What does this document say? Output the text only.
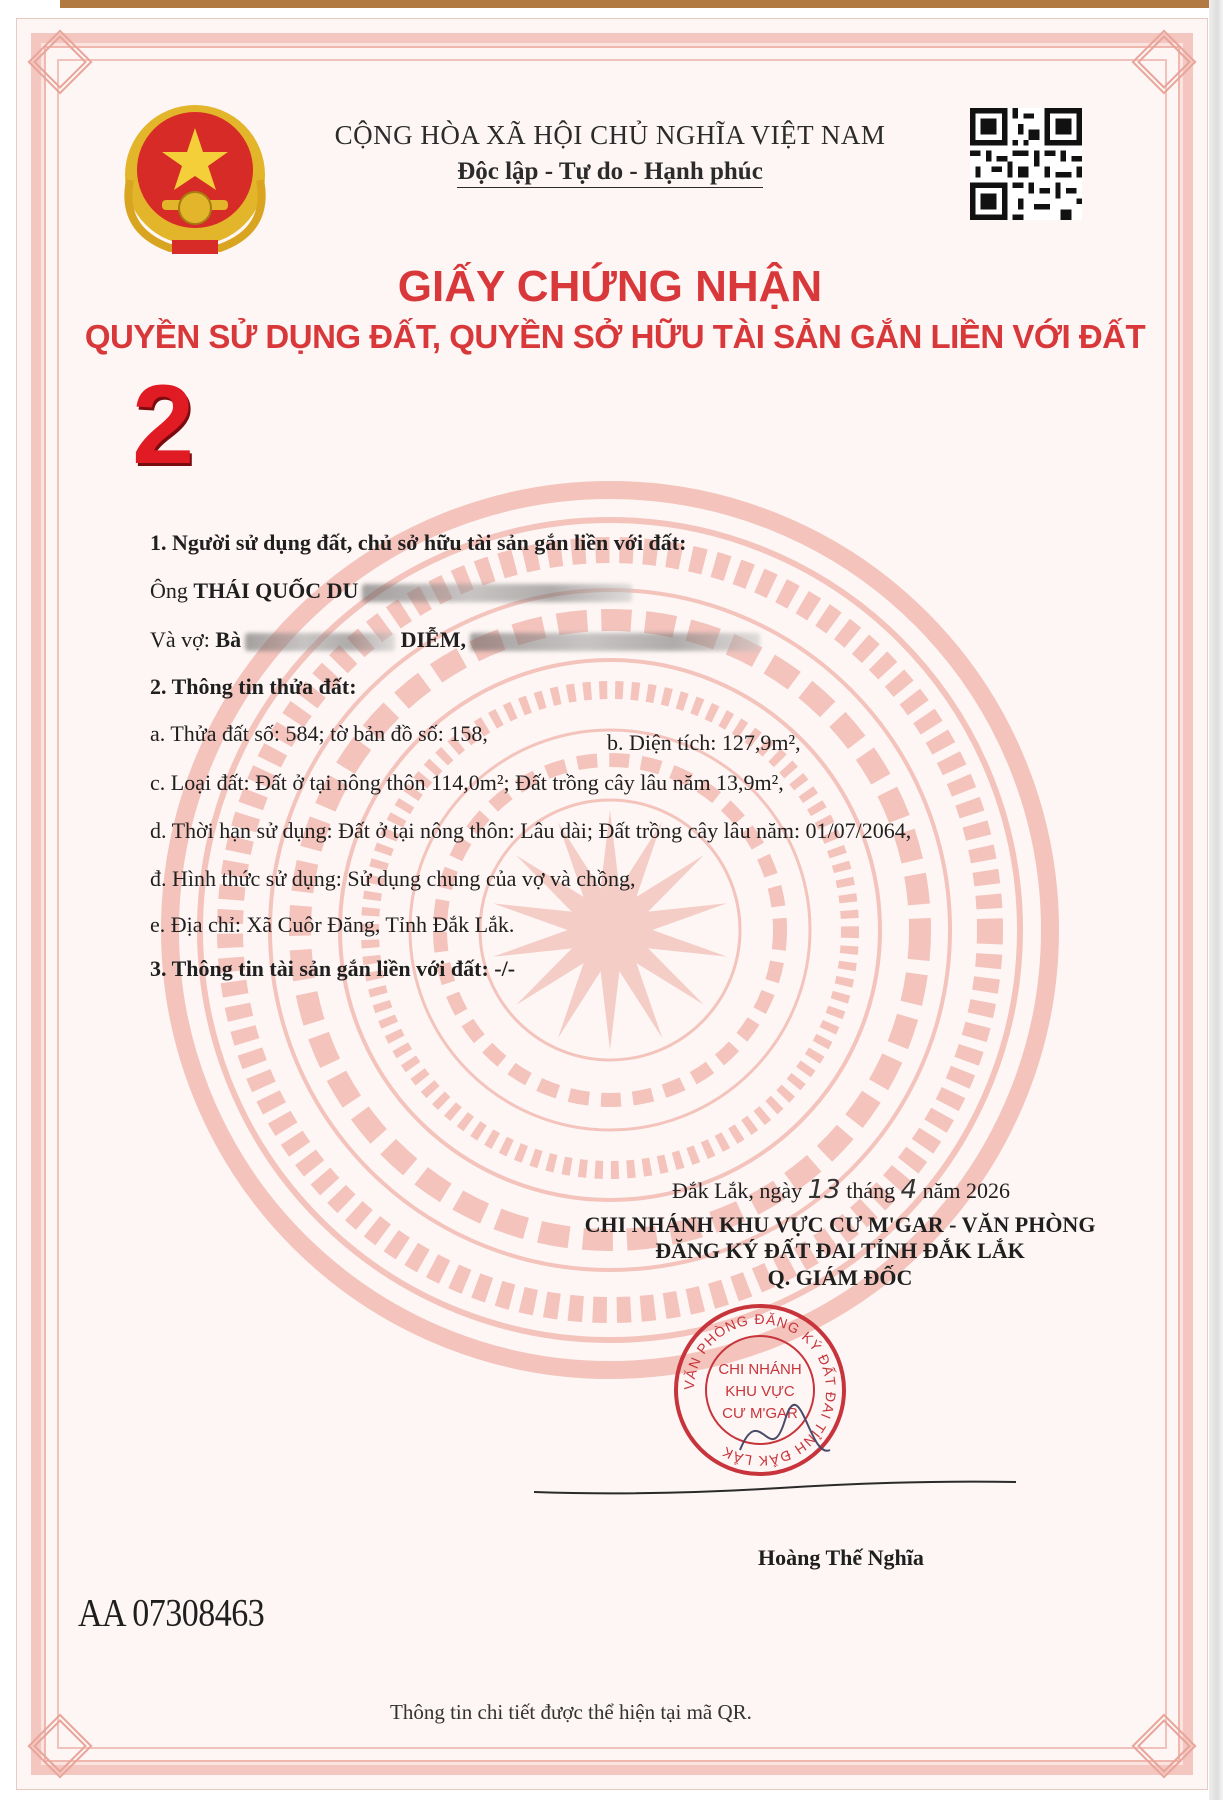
CỘNG HÒA XÃ HỘI CHỦ NGHĨA VIỆT NAM
Độc lập - Tự do - Hạnh phúc
GIẤY CHỨNG NHẬN
QUYỀN SỬ DỤNG ĐẤT, QUYỀN SỞ HỮU TÀI SẢN GẮN LIỀN VỚI ĐẤT
2
1. Người sử dụng đất, chủ sở hữu tài sản gắn liền với đất:
Ông THÁI QUỐC DU
Và vợ: Bà	DIỄM,
2. Thông tin thửa đất:
a. Thửa đất số: 584; tờ bản đồ số: 158,	b. Diện tích: 127,9m²,
c. Loại đất: Đất ở tại nông thôn 114,0m²; Đất trồng cây lâu năm 13,9m²,
d. Thời hạn sử dụng: Đất ở tại nông thôn: Lâu dài; Đất trồng cây lâu năm: 01/07/2064,
đ. Hình thức sử dụng: Sử dụng chung của vợ và chồng,
e. Địa chỉ: Xã Cuôr Đăng, Tỉnh Đắk Lắk.
3. Thông tin tài sản gắn liền với đất: -/-
Đắk Lắk, ngày 13 tháng 4 năm 2026
CHI NHÁNH KHU VỰC CƯ M'GAR - VĂN PHÒNG
ĐĂNG KÝ ĐẤT ĐAI TỈNH ĐẮK LẮK
Q. GIÁM ĐỐC
VĂN PHÒNG ĐĂNG KÝ ĐẤT ĐAI TỈNH ĐẮK LẮK
CHI NHÁNH
KHU VỰC
CƯ M'GAR
Hoàng Thế Nghĩa
AA 07308463
Thông tin chi tiết được thể hiện tại mã QR.
